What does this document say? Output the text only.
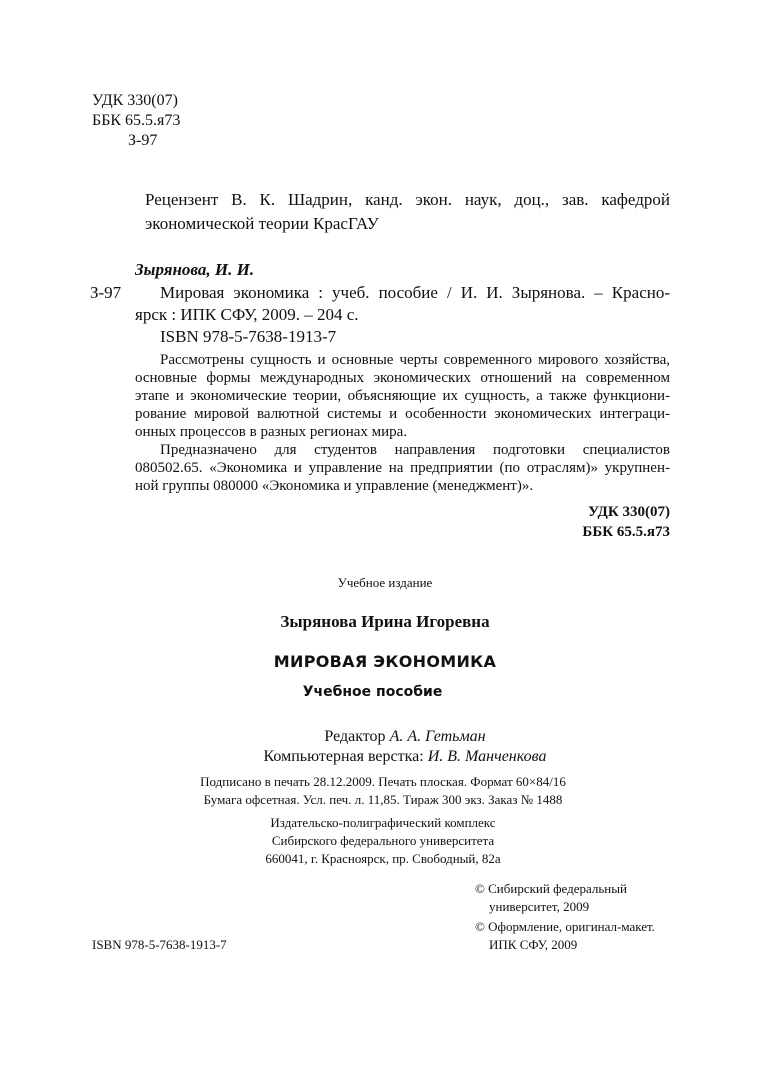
УДК 330(07)
ББК 65.5.я73
З-97
Рецензент В. К. Шадрин, канд. экон. наук, доц., зав. кафедрой
экономической теории КрасГАУ
Зырянова, И. И.
З-97 Мировая экономика : учеб. пособие / И. И. Зырянова. – Красно-
ярск : ИПК СФУ, 2009. – 204 с.
ISBN 978-5-7638-1913-7
Рассмотрены сущность и основные черты современного мирового хозяйства,
основные формы международных экономических отношений на современном
этапе и экономические теории, объясняющие их сущность, а также функциони-
рование мировой валютной системы и особенности экономических интеграци-
онных процессов в разных регионах мира.
Предназначено для студентов направления подготовки специалистов
080502.65. «Экономика и управление на предприятии (по отраслям)» укрупнен-
ной группы 080000 «Экономика и управление (менеджмент)».
УДК 330(07)
ББК 65.5.я73
Учебное издание
Зырянова Ирина Игоревна
МИРОВАЯ ЭКОНОМИКА
Учебное пособие
Редактор А. А. Гетьман
Компьютерная верстка: И. В. Манченкова
Подписано в печать 28.12.2009. Печать плоская. Формат 60×84/16
Бумага офсетная. Усл. печ. л. 11,85. Тираж 300 экз. Заказ № 1488
Издательско-полиграфический комплекс
Сибирского федерального университета
660041, г. Красноярск, пр. Свободный, 82а
© Сибирский федеральный
университет, 2009
© Оформление, оригинал-макет.
ИПК СФУ, 2009
ISBN 978-5-7638-1913-7
